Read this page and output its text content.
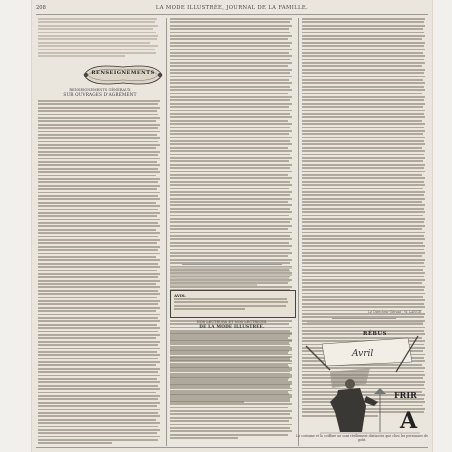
208	LA MODE ILLUSTRÉE, JOURNAL DE LA FAMILLE.
RENSEIGNEMENTS
RENSEIGNEMENTS GÉNÉRAUX
SUR OUVRAGES D'AGRÉMENT
AVIS.
NOS LECTEURS ET NOS LECTRICES.
DE LA MODE ILLUSTRÉE.
Le Directeur-Gérant : W. LANGE.
RÉBUS
Avril
FRIR
A
Le costume et la coiffure ne sont réellement distinctes que chez les personnes de goût.
